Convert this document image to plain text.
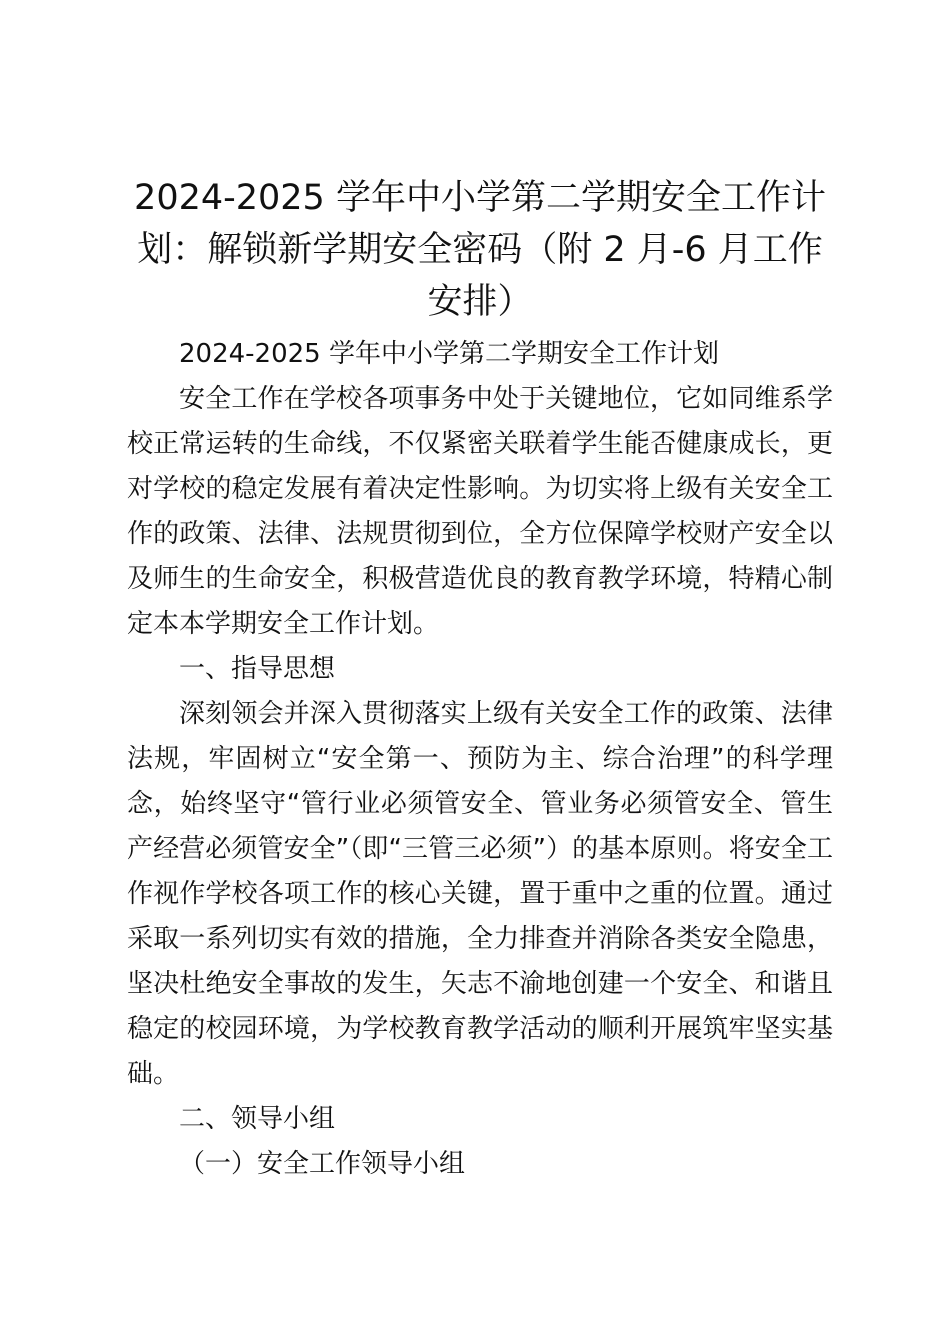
2024-2025 学年中小学第二学期安全工作计划：解锁新学期安全密码（附 2 月-6 月工作安排）

2024-2025 学年中小学第二学期安全工作计划

安全工作在学校各项事务中处于关键地位，它如同维系学校正常运转的生命线，不仅紧密关联着学生能否健康成长，更对学校的稳定发展有着决定性影响。为切实将上级有关安全工作的政策、法律、法规贯彻到位，全方位保障学校财产安全以及师生的生命安全，积极营造优良的教育教学环境，特精心制定本本学期安全工作计划。

一、指导思想

深刻领会并深入贯彻落实上级有关安全工作的政策、法律法规，牢固树立“安全第一、预防为主、综合治理”的科学理念，始终坚守“管行业必须管安全、管业务必须管安全、管生产经营必须管安全”（即“三管三必须”）的基本原则。将安全工作视作学校各项工作的核心关键，置于重中之重的位置。通过采取一系列切实有效的措施，全力排查并消除各类安全隐患，坚决杜绝安全事故的发生，矢志不渝地创建一个安全、和谐且稳定的校园环境，为学校教育教学活动的顺利开展筑牢坚实基础。

二、领导小组

（一）安全工作领导小组
